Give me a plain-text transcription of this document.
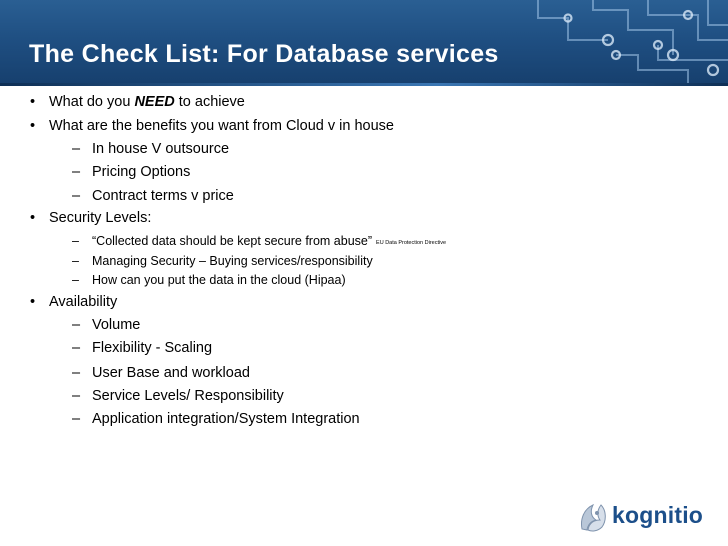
The Check List: For Database services
• What do you NEED to achieve
• What are the benefits you want from Cloud v in house
– In house V outsource
– Pricing Options
– Contract terms v price
• Security Levels:
– “Collected data should be kept secure from abuse” EU Data Protection Directive
– Managing Security – Buying services/responsibility
– How can you put the data in the cloud (Hipaa)
• Availability
– Volume
– Flexibility - Scaling
– User Base and workload
– Service Levels/ Responsibility
– Application integration/System Integration
kognitio
